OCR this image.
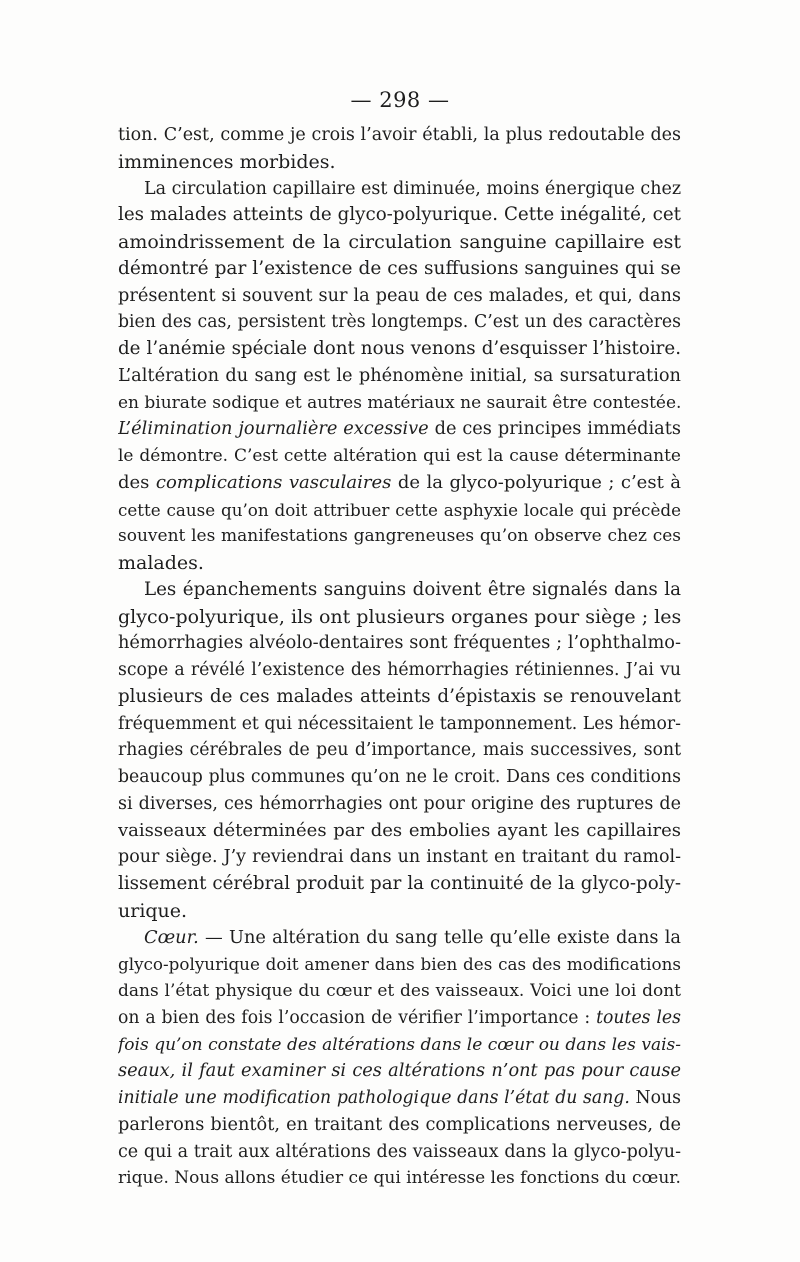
— 298 —
tion. C’est, comme je crois l’avoir établi, la plus redoutable des
imminences morbides.
La circulation capillaire est diminuée, moins énergique chez
les malades atteints de glyco-polyurique. Cette inégalité, cet
amoindrissement de la circulation sanguine capillaire est
démontré par l’existence de ces suffusions sanguines qui se
présentent si souvent sur la peau de ces malades, et qui, dans
bien des cas, persistent très longtemps. C’est un des caractères
de l’anémie spéciale dont nous venons d’esquisser l’histoire.
L’altération du sang est le phénomène initial, sa sursaturation
en biurate sodique et autres matériaux ne saurait être contestée.
L’élimination journalière excessive de ces principes immédiats
le démontre. C’est cette altération qui est la cause déterminante
des complications vasculaires de la glyco-polyurique ; c’est à
cette cause qu’on doit attribuer cette asphyxie locale qui précède
souvent les manifestations gangreneuses qu’on observe chez ces
malades.
Les épanchements sanguins doivent être signalés dans la
glyco-polyurique, ils ont plusieurs organes pour siège ; les
hémorrhagies alvéolo-dentaires sont fréquentes ; l’ophthalmo-
scope a révélé l’existence des hémorrhagies rétiniennes. J’ai vu
plusieurs de ces malades atteints d’épistaxis se renouvelant
fréquemment et qui nécessitaient le tamponnement. Les hémor-
rhagies cérébrales de peu d’importance, mais successives, sont
beaucoup plus communes qu’on ne le croit. Dans ces conditions
si diverses, ces hémorrhagies ont pour origine des ruptures de
vaisseaux déterminées par des embolies ayant les capillaires
pour siège. J’y reviendrai dans un instant en traitant du ramol-
lissement cérébral produit par la continuité de la glyco-poly-
urique.
Cœur. — Une altération du sang telle qu’elle existe dans la
glyco-polyurique doit amener dans bien des cas des modifications
dans l’état physique du cœur et des vaisseaux. Voici une loi dont
on a bien des fois l’occasion de vérifier l’importance : toutes les
fois qu’on constate des altérations dans le cœur ou dans les vais-
seaux, il faut examiner si ces altérations n’ont pas pour cause
initiale une modification pathologique dans l’état du sang. Nous
parlerons bientôt, en traitant des complications nerveuses, de
ce qui a trait aux altérations des vaisseaux dans la glyco-polyu-
rique. Nous allons étudier ce qui intéresse les fonctions du cœur.
